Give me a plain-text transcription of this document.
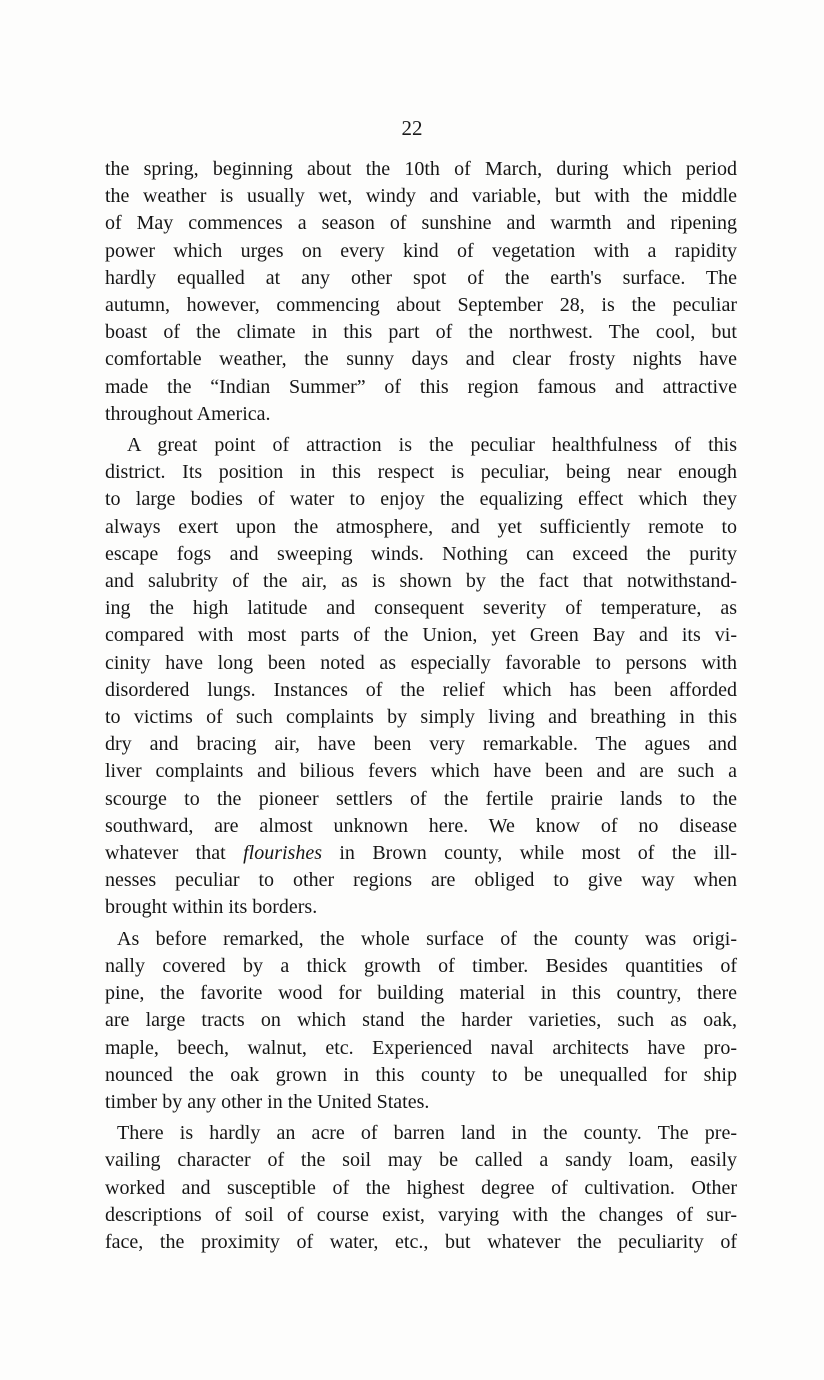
22
the spring, beginning about the 10th of March, during which period
the weather is usually wet, windy and variable, but with the middle
of May commences a season of sunshine and warmth and ripening
power which urges on every kind of vegetation with a rapidity
hardly equalled at any other spot of the earth's surface. The
autumn, however, commencing about September 28, is the peculiar
boast of the climate in this part of the northwest. The cool, but
comfortable weather, the sunny days and clear frosty nights have
made the “Indian Summer” of this region famous and attractive
throughout America.
A great point of attraction is the peculiar healthfulness of this
district. Its position in this respect is peculiar, being near enough
to large bodies of water to enjoy the equalizing effect which they
always exert upon the atmosphere, and yet sufficiently remote to
escape fogs and sweeping winds. Nothing can exceed the purity
and salubrity of the air, as is shown by the fact that notwithstand-
ing the high latitude and consequent severity of temperature, as
compared with most parts of the Union, yet Green Bay and its vi-
cinity have long been noted as especially favorable to persons with
disordered lungs. Instances of the relief which has been afforded
to victims of such complaints by simply living and breathing in this
dry and bracing air, have been very remarkable. The agues and
liver complaints and bilious fevers which have been and are such a
scourge to the pioneer settlers of the fertile prairie lands to the
southward, are almost unknown here. We know of no disease
whatever that flourishes in Brown county, while most of the ill-
nesses peculiar to other regions are obliged to give way when
brought within its borders.
As before remarked, the whole surface of the county was origi-
nally covered by a thick growth of timber. Besides quantities of
pine, the favorite wood for building material in this country, there
are large tracts on which stand the harder varieties, such as oak,
maple, beech, walnut, etc. Experienced naval architects have pro-
nounced the oak grown in this county to be unequalled for ship
timber by any other in the United States.
There is hardly an acre of barren land in the county. The pre-
vailing character of the soil may be called a sandy loam, easily
worked and susceptible of the highest degree of cultivation. Other
descriptions of soil of course exist, varying with the changes of sur-
face, the proximity of water, etc., but whatever the peculiarity of
